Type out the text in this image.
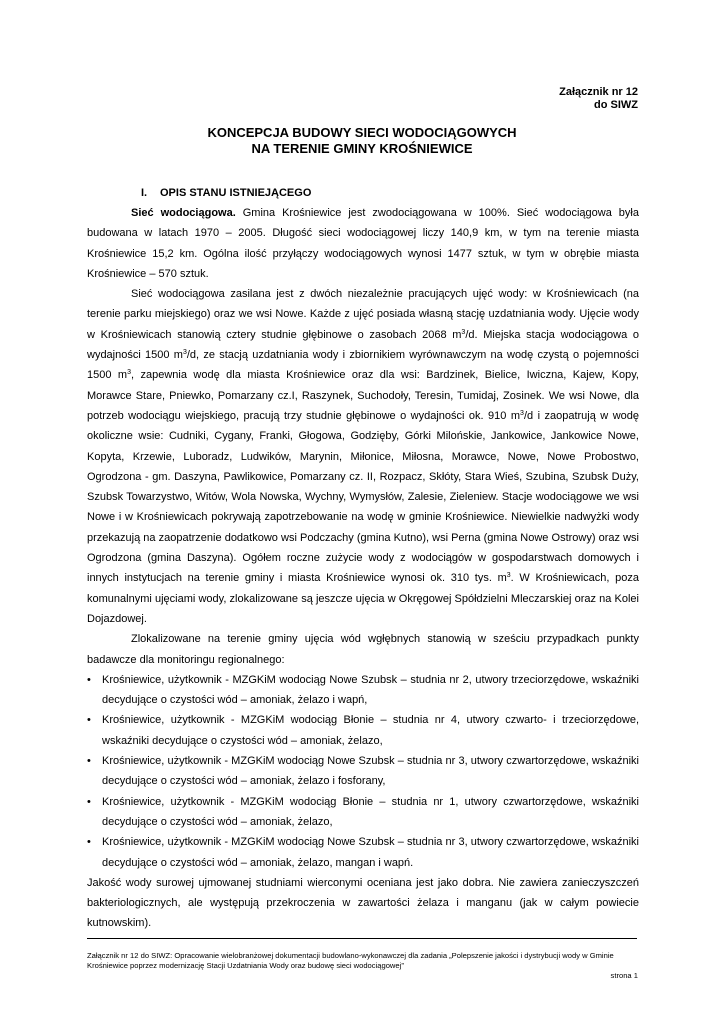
Załącznik nr 12
do SIWZ
KONCEPCJA BUDOWY SIECI WODOCIĄGOWYCH
NA TERENIE GMINY KROŚNIEWICE
I. OPIS STANU ISTNIEJĄCEGO

Sieć wodociągowa. Gmina Krośniewice jest zwodociągowana w 100%. Sieć wodociągowa była budowana w latach 1970 – 2005. Długość sieci wodociągowej liczy 140,9 km, w tym na terenie miasta Krośniewice 15,2 km. Ogólna ilość przyłączy wodociągowych wynosi 1477 sztuk, w tym w obrębie miasta Krośniewice – 570 sztuk.

Sieć wodociągowa zasilana jest z dwóch niezależnie pracujących ujęć wody: w Krośniewicach (na terenie parku miejskiego) oraz we wsi Nowe. Każde z ujęć posiada własną stację uzdatniania wody. Ujęcie wody w Krośniewicach stanowią cztery studnie głębinowe o zasobach 2068 $m^3/d$. Miejska stacja wodociągowa o wydajności 1500 $m^3/d$, ze stacją uzdatniania wody i zbiornikiem wyrównawczym na wodę czystą o pojemności 1500 $m^3$, zapewnia wodę dla miasta Krośniewice oraz dla wsi: Bardzinek, Bielice, Iwiczna, Kajew, Kopy, Morawce Stare, Pniewko, Pomarzany cz.I, Raszynek, Suchodoły, Teresin, Tumidaj, Zosinek. We wsi Nowe, dla potrzeb wodociągu wiejskiego, pracują trzy studnie głębinowe o wydajności ok. 910 $m^3/d$ i zaopatrują w wodę okoliczne wsie: Cudniki, Cygany, Franki, Głogowa, Godzięby, Górki Milońskie, Jankowice, Jankowice Nowe, Kopyta, Krzewie, Luboradz, Ludwików, Marynin, Miłonice, Miłosna, Morawce, Nowe, Nowe Probostwo, Ogrodzona - gm. Daszyna, Pawlikowice, Pomarzany cz. II, Rozpacz, Skłóty, Stara Wieś, Szubina, Szubsk Duży, Szubsk Towarzystwo, Witów, Wola Nowska, Wychny, Wymysłów, Zalesie, Zieleniew. Stacje wodociągowe we wsi Nowe i w Krośniewicach pokrywają zapotrzebowanie na wodę w gminie Krośniewice. Niewielkie nadwyżki wody przekazują na zaopatrzenie dodatkowo wsi Podczachy (gmina Kutno), wsi Perna (gmina Nowe Ostrowy) oraz wsi Ogrodzona (gmina Daszyna). Ogółem roczne zużycie wody z wodociągów w gospodarstwach domowych i innych instytucjach na terenie gminy i miasta Krośniewice wynosi ok. 310 tys. $m^3$. W Krośniewicach, poza komunalnymi ujęciami wody, zlokalizowane są jeszcze ujęcia w Okręgowej Spółdzielni Mleczarskiej oraz na Kolei Dojazdowej.

Zlokalizowane na terenie gminy ujęcia wód wgłębnych stanowią w sześciu przypadkach punkty badawcze dla monitoringu regionalnego:

• Krośniewice, użytkownik - MZGKiM wodociąg Nowe Szubsk – studnia nr 2, utwory trzeciorzędowe, wskaźniki decydujące o czystości wód – amoniak, żelazo i wapń,
• Krośniewice, użytkownik - MZGKiM wodociąg Błonie – studnia nr 4, utwory czwarto- i trzeciorzędowe, wskaźniki decydujące o czystości wód – amoniak, żelazo,
• Krośniewice, użytkownik - MZGKiM wodociąg Nowe Szubsk – studnia nr 3, utwory czwartorzędowe, wskaźniki decydujące o czystości wód – amoniak, żelazo i fosforany,
• Krośniewice, użytkownik - MZGKiM wodociąg Błonie – studnia nr 1, utwory czwartorzędowe, wskaźniki decydujące o czystości wód – amoniak, żelazo,
• Krośniewice, użytkownik - MZGKiM wodociąg Nowe Szubsk – studnia nr 3, utwory czwartorzędowe, wskaźniki decydujące o czystości wód – amoniak, żelazo, mangan i wapń.

Jakość wody surowej ujmowanej studniami wierconymi oceniana jest jako dobra. Nie zawiera zanieczyszczeń bakteriologicznych, ale występują przekroczenia w zawartości żelaza i manganu (jak w całym powiecie kutnowskim).

Załącznik nr 12 do SIWZ: Opracowanie wielobranżowej dokumentacji budowlano-wykonawczej dla zadania „Polepszenie jakości i dystrybucji wody w Gminie Krośniewice poprzez modernizację Stacji Uzdatniania Wody oraz budowę sieci wodociągowej”
strona 1
